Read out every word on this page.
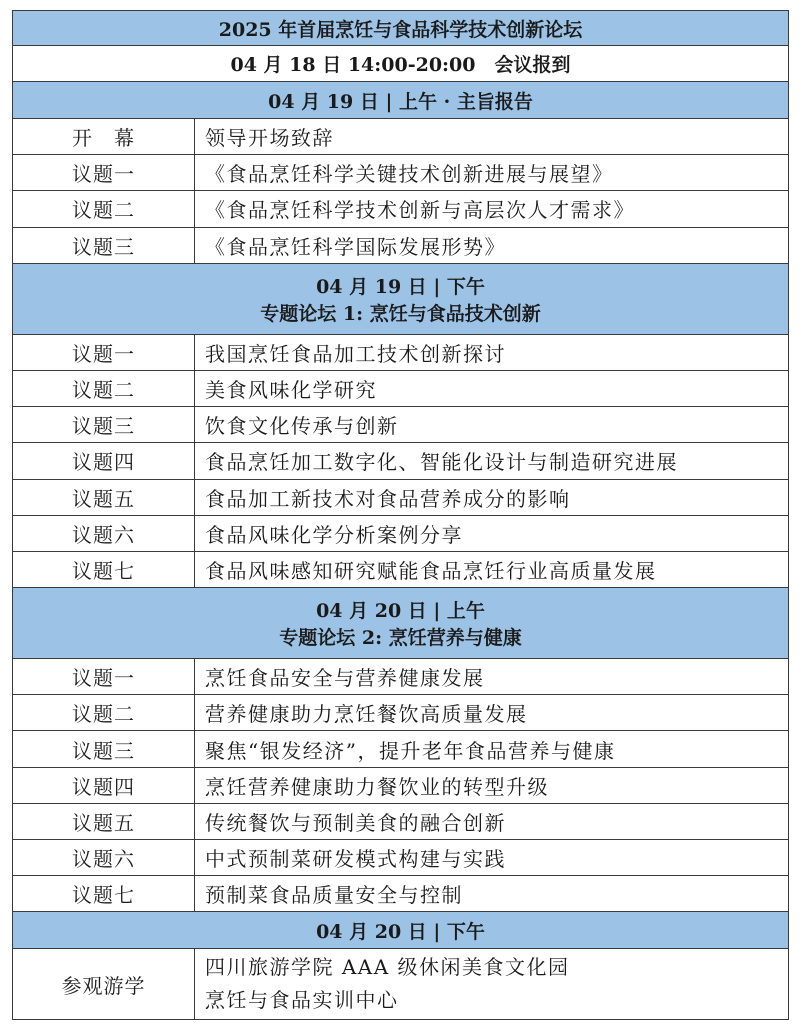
2025 年首届烹饪与食品科学技术创新论坛	
04 月 18 日 14:00-20:00　会议报到	
04 月 19 日 | 上午 · 主旨报告	
开　幕	领导开场致辞
议题一	《食品烹饪科学关键技术创新进展与展望》
议题二	《食品烹饪科学技术创新与高层次人才需求》
议题三	《食品烹饪科学国际发展形势》

04 月 19 日 | 下午
专题论坛 1: 烹饪与食品技术创新	

议题一	我国烹饪食品加工技术创新探讨
议题二	美食风味化学研究
议题三	饮食文化传承与创新
议题四	食品烹饪加工数字化、智能化设计与制造研究进展
议题五	食品加工新技术对食品营养成分的影响
议题六	食品风味化学分析案例分享
议题七	食品风味感知研究赋能食品烹饪行业高质量发展

04 月 20 日 | 上午
专题论坛 2: 烹饪营养与健康	

议题一	烹饪食品安全与营养健康发展
议题二	营养健康助力烹饪餐饮高质量发展
议题三	聚焦“银发经济”，提升老年食品营养与健康
议题四	烹饪营养健康助力餐饮业的转型升级
议题五	传统餐饮与预制美食的融合创新
议题六	中式预制菜研发模式构建与实践
议题七	预制菜食品质量安全与控制
04 月 20 日 | 下午	
参观游学	四川旅游学院 AAA 级休闲美食文化园
烹饪与食品实训中心
